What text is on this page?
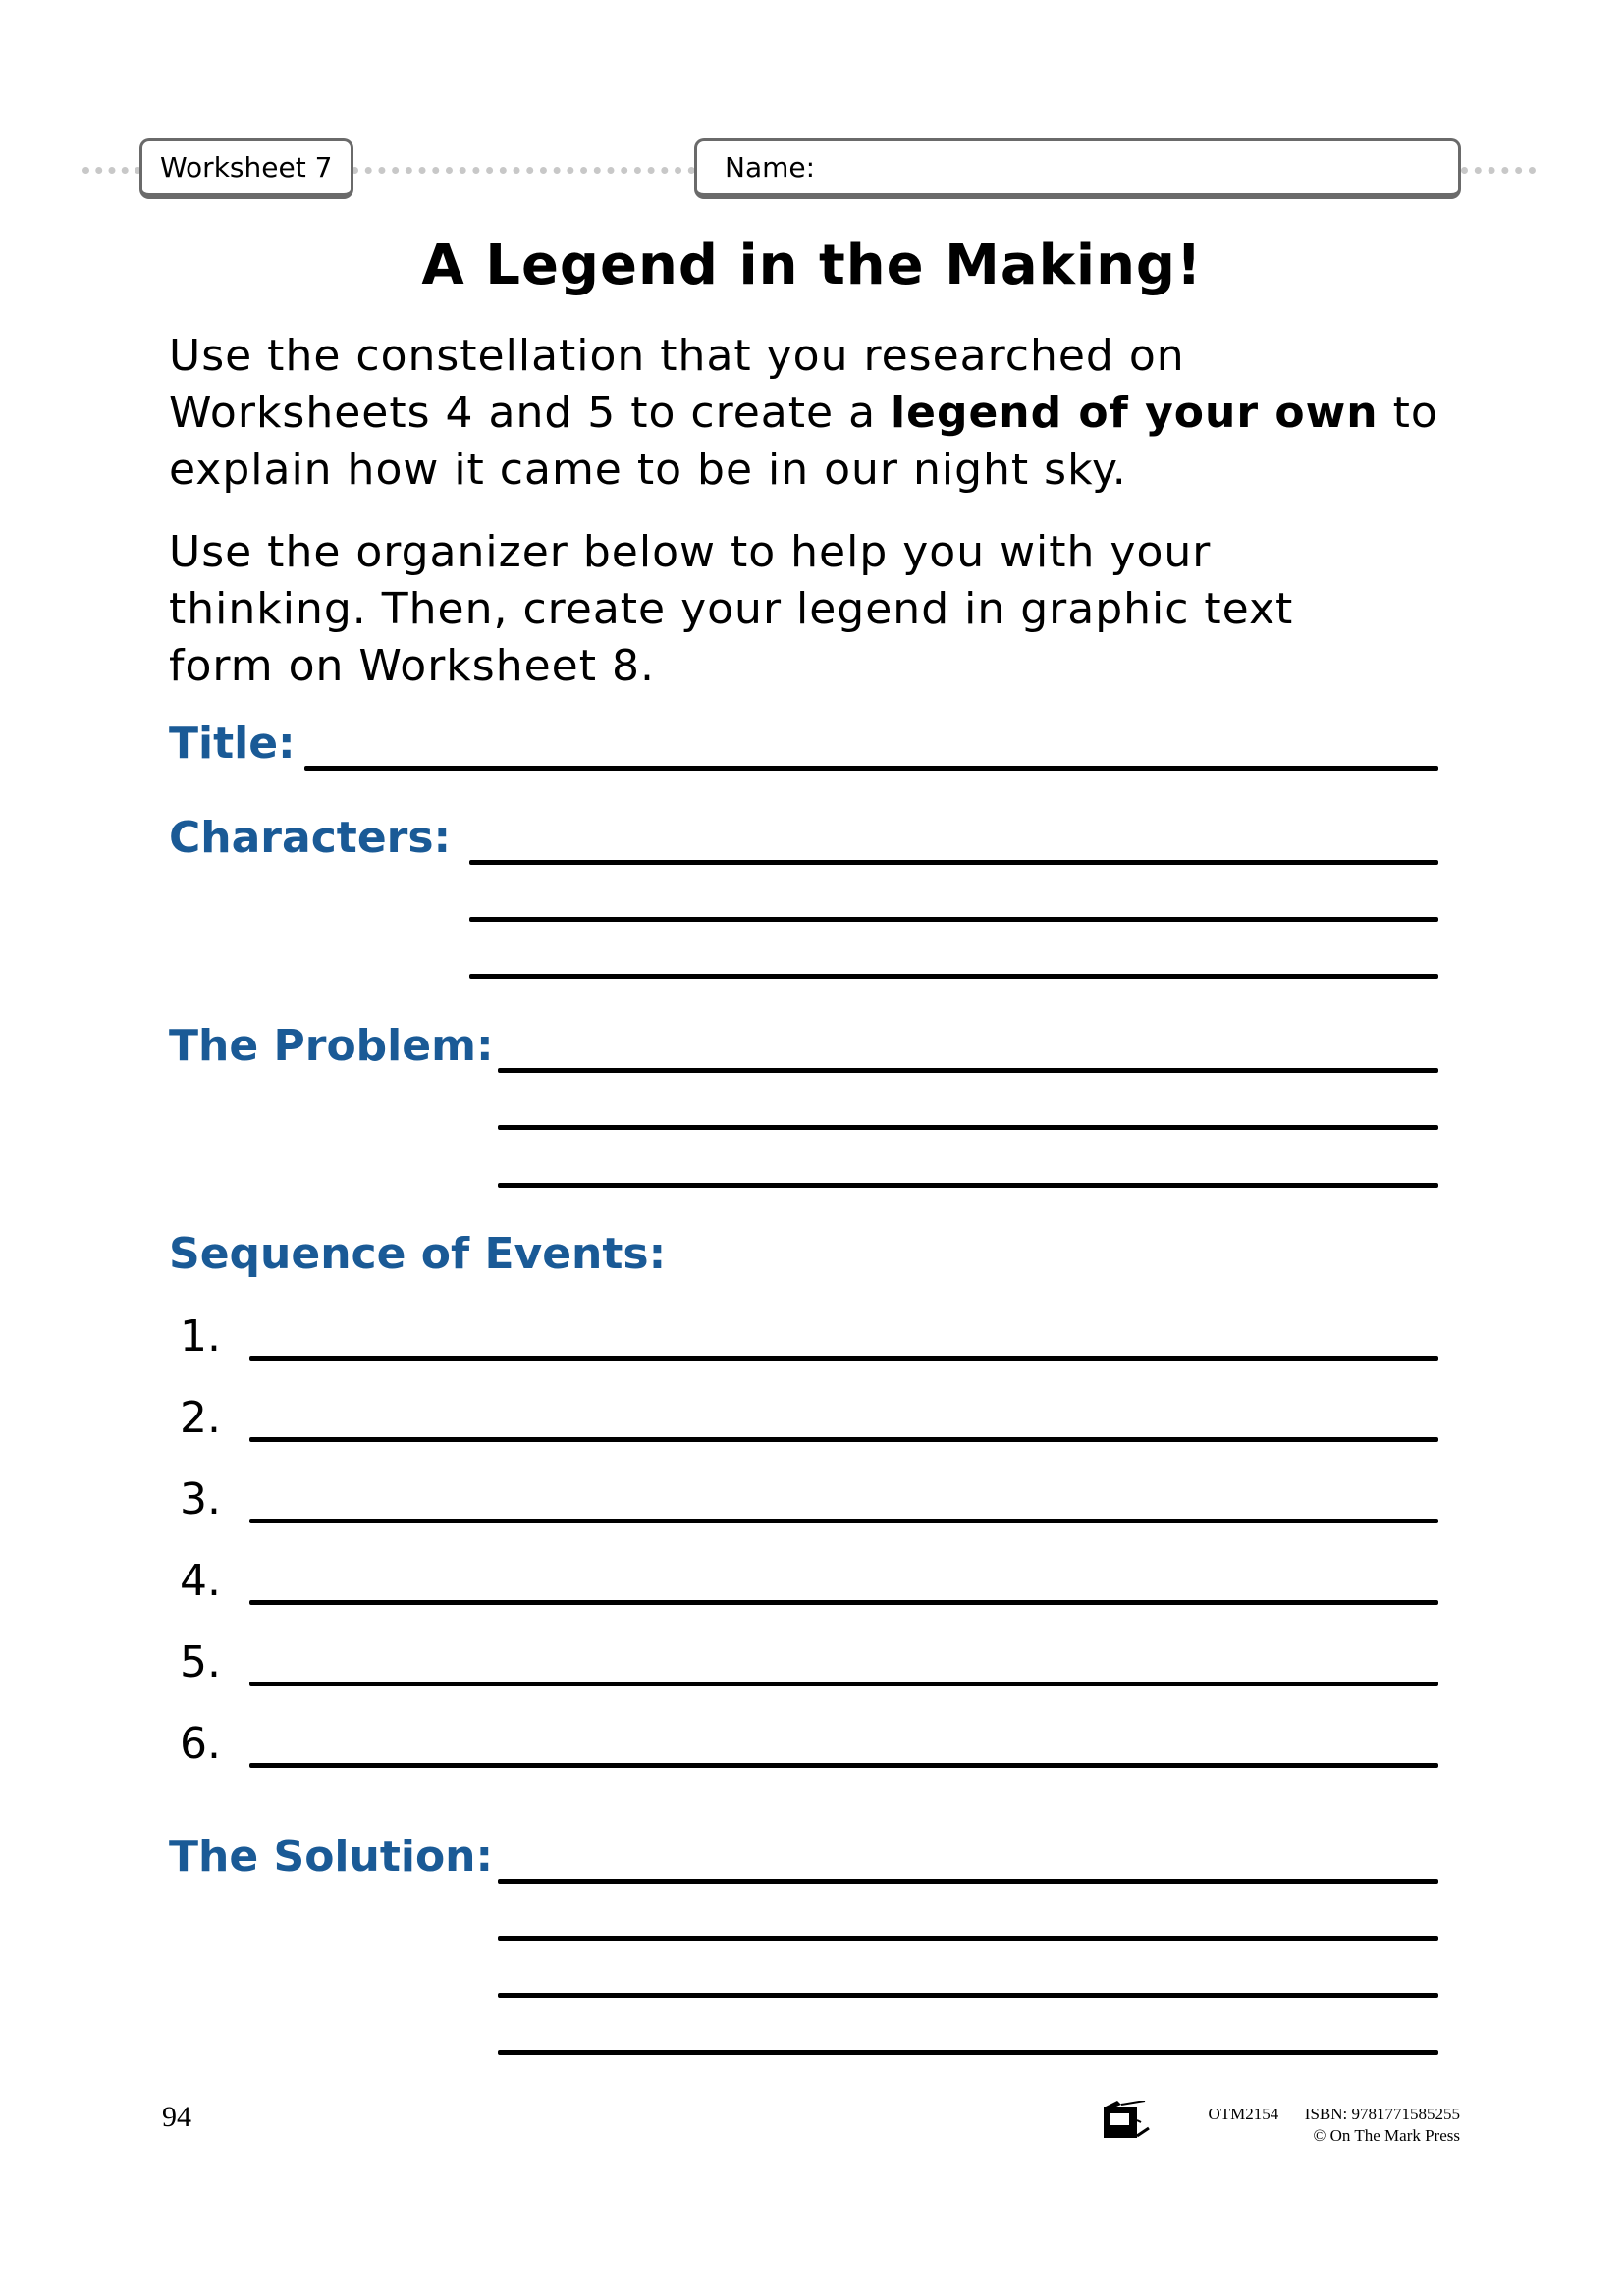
Worksheet 7	Name:
A Legend in the Making!
Use the constellation that you researched on
Worksheets 4 and 5 to create a legend of your own to
explain how it came to be in our night sky.
Use the organizer below to help you with your
thinking. Then, create your legend in graphic text
form on Worksheet 8.
Title:
Characters:
The Problem:
Sequence of Events:
1.
2.
3.
4.
5.
6.
The Solution:
94	OTM2154 ISBN: 9781771585255
© On The Mark Press
